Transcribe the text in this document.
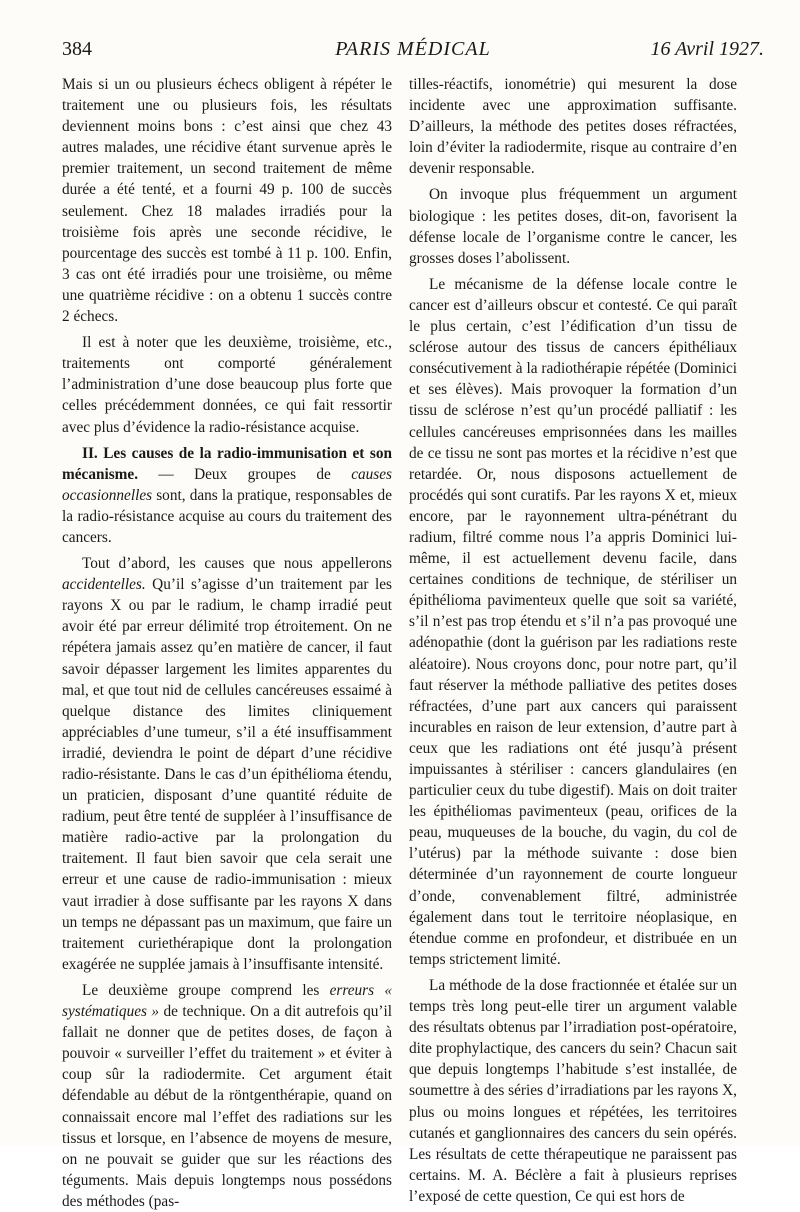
384	PARIS MÉDICAL	16 Avril 1927.

Mais si un ou plusieurs échecs obligent à répéter le traitement une ou plusieurs fois, les résultats deviennent moins bons : c’est ainsi que chez 43 autres malades, une récidive étant survenue après le premier traitement, un second traitement de même durée a été tenté, et a fourni 49 p. 100 de succès seulement. Chez 18 malades irradiés pour la troisième fois après une seconde récidive, le pourcentage des succès est tombé à 11 p. 100. Enfin, 3 cas ont été irradiés pour une troisième, ou même une quatrième récidive : on a obtenu 1 succès contre 2 échecs.

Il est à noter que les deuxième, troisième, etc., traitements ont comporté généralement l’administration d’une dose beaucoup plus forte que celles précédemment données, ce qui fait ressortir avec plus d’évidence la radio-résistance acquise.

II. Les causes de la radio-immunisation et son mécanisme. — Deux groupes de causes occasionnelles sont, dans la pratique, responsables de la radio-résistance acquise au cours du traitement des cancers.

Tout d’abord, les causes que nous appellerons accidentelles. Qu’il s’agisse d’un traitement par les rayons X ou par le radium, le champ irradié peut avoir été par erreur délimité trop étroitement. On ne répétera jamais assez qu’en matière de cancer, il faut savoir dépasser largement les limites apparentes du mal, et que tout nid de cellules cancéreuses essaimé à quelque distance des limites cliniquement appréciables d’une tumeur, s’il a été insuffisamment irradié, deviendra le point de départ d’une récidive radio-résistante. Dans le cas d’un épithélioma étendu, un praticien, disposant d’une quantité réduite de radium, peut être tenté de suppléer à l’insuffisance de matière radio-active par la prolongation du traitement. Il faut bien savoir que cela serait une erreur et une cause de radio-immunisation : mieux vaut irradier à dose suffisante par les rayons X dans un temps ne dépassant pas un maximum, que faire un traitement curiethérapique dont la prolongation exagérée ne supplée jamais à l’insuffisante intensité.

Le deuxième groupe comprend les erreurs « systématiques » de technique. On a dit autrefois qu’il fallait ne donner que de petites doses, de façon à pouvoir « surveiller l’effet du traitement » et éviter à coup sûr la radiodermite. Cet argument était défendable au début de la röntgenthérapie, quand on connaissait encore mal l’effet des radiations sur les tissus et lorsque, en l’absence de moyens de mesure, on ne pouvait se guider que sur les réactions des téguments. Mais depuis longtemps nous possédons des méthodes (pas-

tilles-réactifs, ionométrie) qui mesurent la dose incidente avec une approximation suffisante. D’ailleurs, la méthode des petites doses réfractées, loin d’éviter la radiodermite, risque au contraire d’en devenir responsable.

On invoque plus fréquemment un argument biologique : les petites doses, dit-on, favorisent la défense locale de l’organisme contre le cancer, les grosses doses l’abolissent.

Le mécanisme de la défense locale contre le cancer est d’ailleurs obscur et contesté. Ce qui paraît le plus certain, c’est l’édification d’un tissu de sclérose autour des tissus de cancers épithéliaux consécutivement à la radiothérapie répétée (Dominici et ses élèves). Mais provoquer la formation d’un tissu de sclérose n’est qu’un procédé palliatif : les cellules cancéreuses emprisonnées dans les mailles de ce tissu ne sont pas mortes et la récidive n’est que retardée. Or, nous disposons actuellement de procédés qui sont curatifs. Par les rayons X et, mieux encore, par le rayonnement ultra-pénétrant du radium, filtré comme nous l’a appris Dominici lui-même, il est actuellement devenu facile, dans certaines conditions de technique, de stériliser un épithélioma pavimenteux quelle que soit sa variété, s’il n’est pas trop étendu et s’il n’a pas provoqué une adénopathie (dont la guérison par les radiations reste aléatoire). Nous croyons donc, pour notre part, qu’il faut réserver la méthode palliative des petites doses réfractées, d’une part aux cancers qui paraissent incurables en raison de leur extension, d’autre part à ceux que les radiations ont été jusqu’à présent impuissantes à stériliser : cancers glandulaires (en particulier ceux du tube digestif). Mais on doit traiter les épithéliomas pavimenteux (peau, orifices de la peau, muqueuses de la bouche, du vagin, du col de l’utérus) par la méthode suivante : dose bien déterminée d’un rayonnement de courte longueur d’onde, convenablement filtré, administrée également dans tout le territoire néoplasique, en étendue comme en profondeur, et distribuée en un temps strictement limité.

La méthode de la dose fractionnée et étalée sur un temps très long peut-elle tirer un argument valable des résultats obtenus par l’irradiation post-opératoire, dite prophylactique, des cancers du sein? Chacun sait que depuis longtemps l’habitude s’est installée, de soumettre à des séries d’irradiations par les rayons X, plus ou moins longues et répétées, les territoires cutanés et ganglionnaires des cancers du sein opérés. Les résultats de cette thérapeutique ne paraissent pas certains. M. A. Béclère a fait à plusieurs reprises l’exposé de cette question, Ce qui est hors de
